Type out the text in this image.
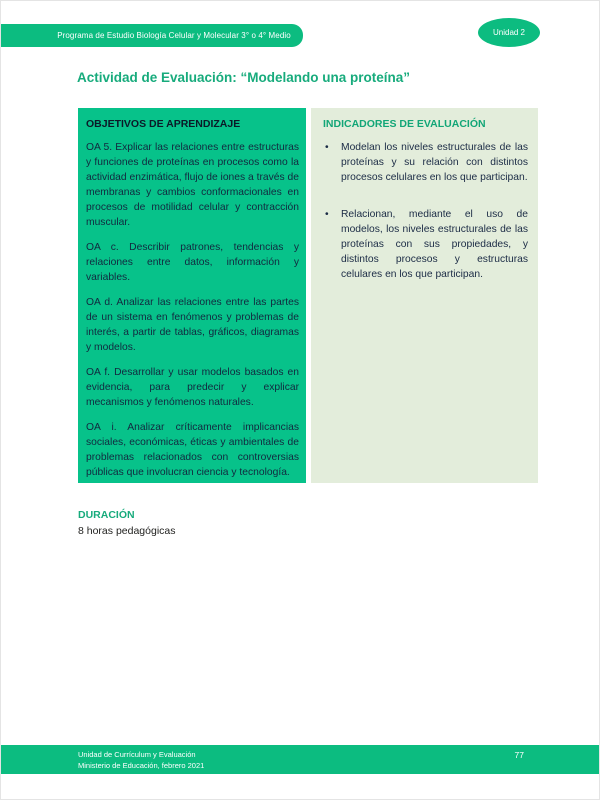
Programa de Estudio Biología Celular y Molecular 3° o 4° Medio	Unidad 2
Actividad de Evaluación: “Modelando una proteína”
OBJETIVOS DE APRENDIZAJE

OA 5. Explicar las relaciones entre estructuras y funciones de proteínas en procesos como la actividad enzimática, flujo de iones a través de membranas y cambios conformacionales en procesos de motilidad celular y contracción muscular.

OA c. Describir patrones, tendencias y relaciones entre datos, información y variables.

OA d. Analizar las relaciones entre las partes de un sistema en fenómenos y problemas de interés, a partir de tablas, gráficos, diagramas y modelos.

OA f. Desarrollar y usar modelos basados en evidencia, para predecir y explicar mecanismos y fenómenos naturales.

OA i. Analizar críticamente implicancias sociales, económicas, éticas y ambientales de problemas relacionados con controversias públicas que involucran ciencia y tecnología.

INDICADORES DE EVALUACIÓN
•	Modelan los niveles estructurales de las proteínas y su relación con distintos procesos celulares en los que participan.
•	Relacionan, mediante el uso de modelos, los niveles estructurales de las proteínas con sus propiedades, y distintos procesos y estructuras celulares en los que participan.
DURACIÓN
8 horas pedagógicas
Unidad de Currículum y Evaluación
Ministerio de Educación, febrero 2021
77
